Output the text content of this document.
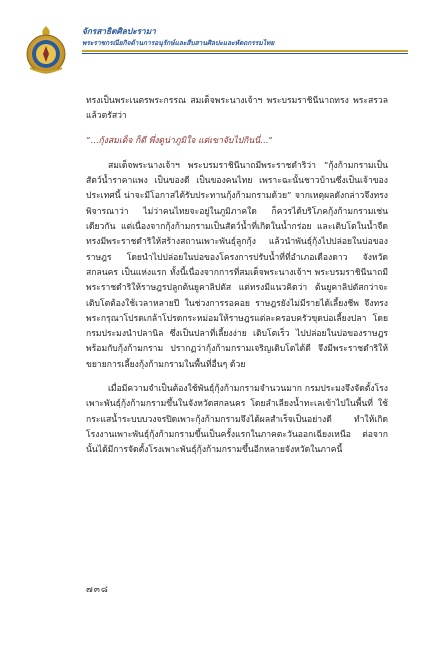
จักรสาธิต​ศิลปะรามา
พระราชกรณียกิจด้านการอนุรักษ์และสืบสานศิลปะและหัตถกรรมไทย

ทรงเป็นพระเนตรพระกรรณ สมเด็จพระนางเจ้าฯ พระบรมราชินีนาถทรง พระสรวล แล้วตรัสว่า

“...กุ้งสมเด็จ ก็ดี พึ่งดูน่าภูมิใจ แต่เขาจับไปกินนี่...”

สมเด็จพระนางเจ้าฯ พระบรมราชินีนาถมีพระราชดำริว่า “กุ้งก้ามกรามเป็นสัตว์น้ำราคาแพง เป็นของดี เป็นของคนไทย เพราะฉะนั้นชาวบ้านซึ่งเป็นเจ้าของประเทศนี้ น่าจะมีโอกาสได้รับประทานกุ้งก้ามกรามด้วย” จากเหตุผลดังกล่าวจึงทรงพิจารณาว่า ไม่ว่าคนไทยจะอยู่ในภูมิภาคใด ก็ควรได้บริโภคกุ้งก้ามกรามเช่นเดียวกัน แต่เนื่องจากกุ้งก้ามกรามเป็นสัตว์น้ำที่เกิดในน้ำกร่อย และเติบโตในน้ำจืด ทรงมีพระราชดำริให้สร้างสถานเพาะพันธุ์ลูกกุ้ง แล้วนำพันธุ์กุ้งไปปล่อยในบ่อของราษฎร โดยนำไปปล่อยในบ่อของโครงการปรับน้ำที่ที่อำเภอเดืองดาว จังหวัดสกลนคร เป็นแห่งแรก ทั้งนี้เนื่องจากการที่สมเด็จพระนางเจ้าฯ พระบรมราชินีนาถมีพระราชดำริให้ราษฎรปลูกต้นยูคาลิปตัส แต่ทรงมีแนวคิดว่า ต้นยูคาลิปตัสกว่าจะเติบโตต้องใช้เวลาหลายปี ในช่วงการรอคอย ราษฎรยังไม่มีรายได้เลี้ยงชีพ จึงทรงพระกรุณาโปรดเกล้าโปรดกระหม่อมให้ราษฎรแต่ละครอบครัวขุดบ่อเลี้ยงปลา โดยกรมประมงนำปลานิล ซึ่งเป็นปลาที่เลี้ยงง่าย เติบโตเร็ว ไปปล่อยในบ่อของราษฎร พร้อมกับกุ้งก้ามกราม ปรากฏว่ากุ้งก้ามกรามเจริญเติบโตได้ดี จึงมีพระราชดำริให้ขยายการเลี้ยงกุ้งก้ามกรามในพื้นที่อื่นๆ ด้วย

เมื่อมีความจำเป็นต้องใช้พันธุ์กุ้งก้ามกรามจำนวนมาก กรมประมงจึงจัดตั้งโรงเพาะพันธุ์กุ้งก้ามกรามขึ้นในจังหวัดสกลนคร โดยลำเลียงน้ำทะเลเข้าไปในพื้นที่ ใช้กระแสน้ำระบบบวงจรปิดเพาะกุ้งก้ามกรามจึงได้ผลสำเร็จเป็นอย่างดี ทำให้เกิดโรงงานเพาะพันธุ์กุ้งก้ามกรามขึ้นเป็นครั้งแรกในภาคตะวันออกเฉียงเหนือ ต่อจากนั้นได้มีการจัดตั้งโรงเพาะพันธุ์กุ้งก้ามกรามขึ้นอีกหลายจังหวัดในภาคนี้

๗๓๘
